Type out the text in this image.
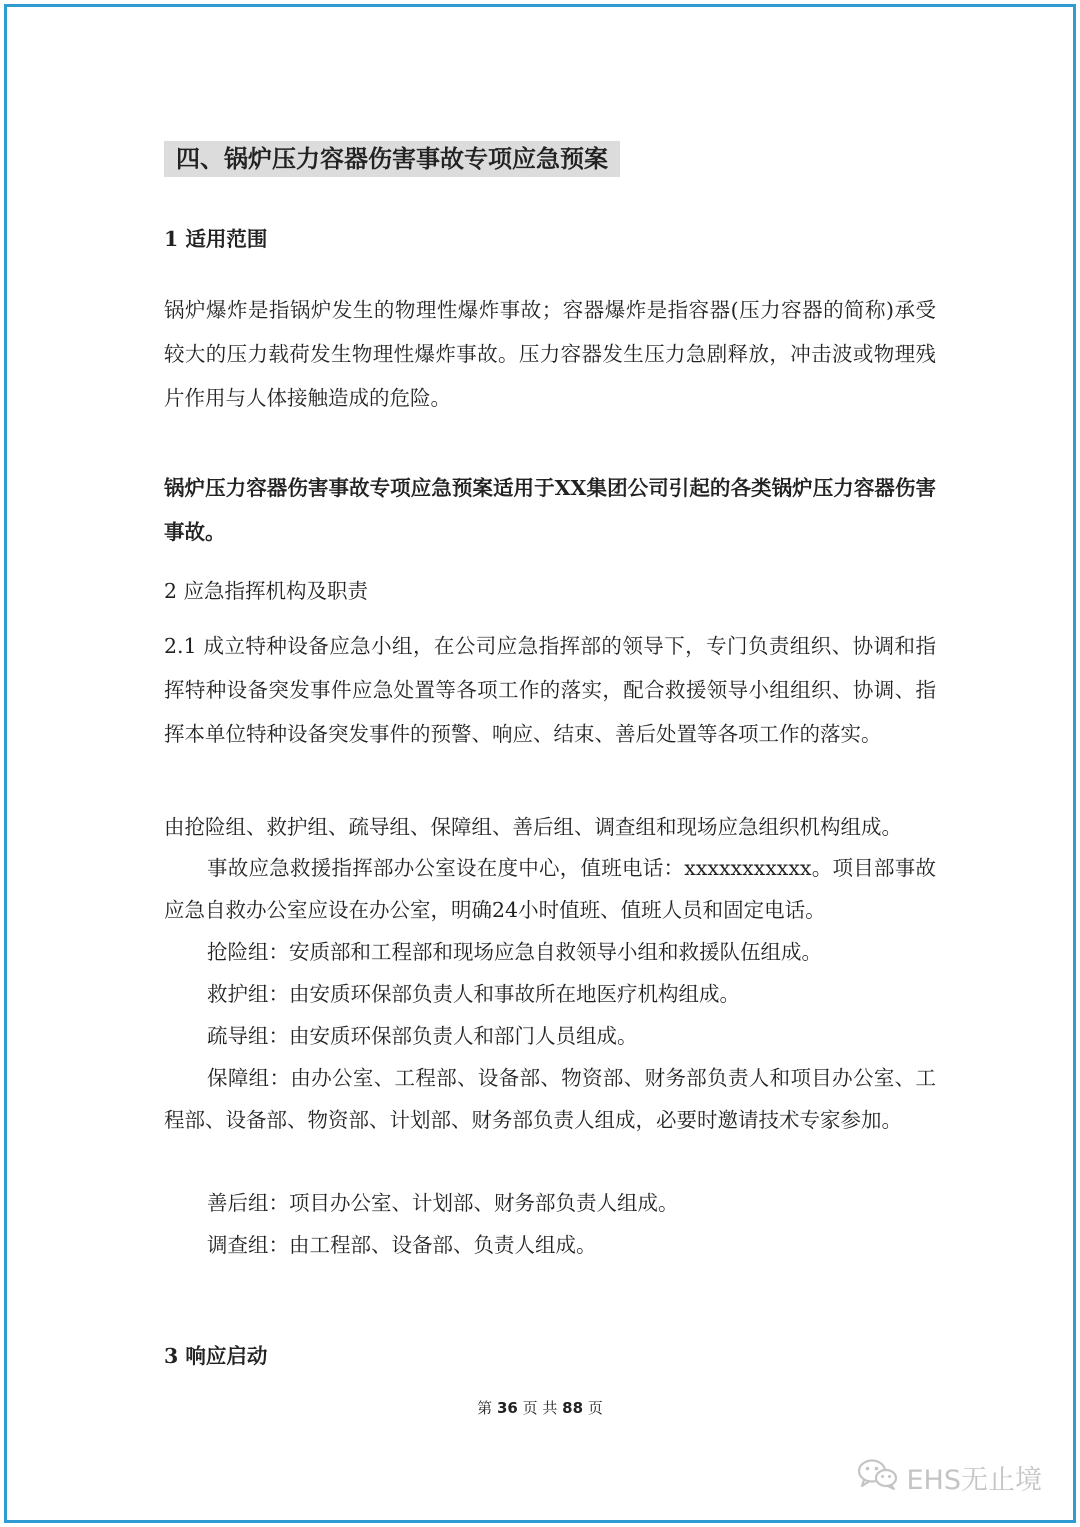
四、锅炉压力容器伤害事故专项应急预案
1 适用范围

锅炉爆炸是指锅炉发生的物理性爆炸事故；容器爆炸是指容器(压力容器的简称)承受较大的压力载荷发生物理性爆炸事故。压力容器发生压力急剧释放，冲击波或物理残片作用与人体接触造成的危险。

锅炉压力容器伤害事故专项应急预案适用于XX集团公司引起的各类锅炉压力容器伤害事故。

2 应急指挥机构及职责

2.1 成立特种设备应急小组，在公司应急指挥部的领导下，专门负责组织、协调和指挥特种设备突发事件应急处置等各项工作的落实，配合救援领导小组组织、协调、指挥本单位特种设备突发事件的预警、响应、结束、善后处置等各项工作的落实。

由抢险组、救护组、疏导组、保障组、善后组、调查组和现场应急组织机构组成。

事故应急救援指挥部办公室设在度中心，值班电话：xxxxxxxxxxx。项目部事故应急自救办公室应设在办公室，明确24小时值班、值班人员和固定电话。

抢险组：安质部和工程部和现场应急自救领导小组和救援队伍组成。
救护组：由安质环保部负责人和事故所在地医疗机构组成。
疏导组：由安质环保部负责人和部门人员组成。

保障组：由办公室、工程部、设备部、物资部、财务部负责人和项目办公室、工程部、设备部、物资部、计划部、财务部负责人组成，必要时邀请技术专家参加。

善后组：项目办公室、计划部、财务部负责人组成。
调查组：由工程部、设备部、负责人组成。
3 响应启动
第 36 页 共 88 页
EHS无止境
